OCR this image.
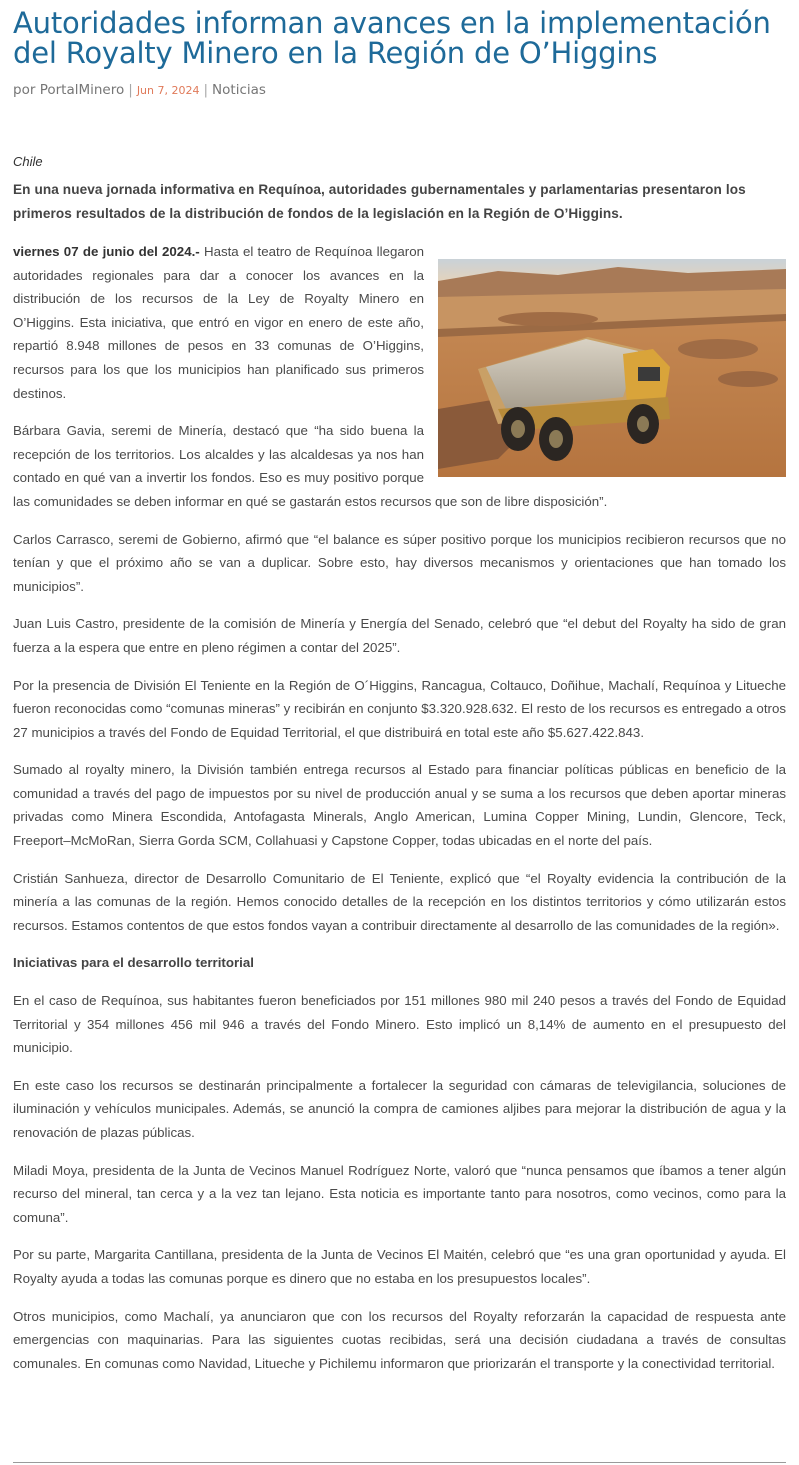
Autoridades informan avances en la implementación del Royalty Minero en la Región de O’Higgins
por PortalMinero | Jun 7, 2024 | Noticias
Chile
En una nueva jornada informativa en Requínoa, autoridades gubernamentales y parlamentarias presentaron los primeros resultados de la distribución de fondos de la legislación en la Región de O’Higgins.

viernes 07 de junio del 2024.- Hasta el teatro de Requínoa llegaron autoridades regionales para dar a conocer los avances en la distribución de los recursos de la Ley de Royalty Minero en O’Higgins. Esta iniciativa, que entró en vigor en enero de este año, repartió 8.948 millones de pesos en 33 comunas de O’Higgins, recursos para los que los municipios han planificado sus primeros destinos.

Bárbara Gavia, seremi de Minería, destacó que “ha sido buena la recepción de los territorios. Los alcaldes y las alcaldesas ya nos han contado en qué van a invertir los fondos. Eso es muy positivo porque las comunidades se deben informar en qué se gastarán estos recursos que son de libre disposición”.

Carlos Carrasco, seremi de Gobierno, afirmó que “el balance es súper positivo porque los municipios recibieron recursos que no tenían y que el próximo año se van a duplicar. Sobre esto, hay diversos mecanismos y orientaciones que han tomado los municipios”.

Juan Luis Castro, presidente de la comisión de Minería y Energía del Senado, celebró que “el debut del Royalty ha sido de gran fuerza a la espera que entre en pleno régimen a contar del 2025”.

Por la presencia de División El Teniente en la Región de O´Higgins, Rancagua, Coltauco, Doñihue, Machalí, Requínoa y Litueche fueron reconocidas como “comunas mineras” y recibirán en conjunto $3.320.928.632. El resto de los recursos es entregado a otros 27 municipios a través del Fondo de Equidad Territorial, el que distribuirá en total este año $5.627.422.843.

Sumado al royalty minero, la División también entrega recursos al Estado para financiar políticas públicas en beneficio de la comunidad a través del pago de impuestos por su nivel de producción anual y se suma a los recursos que deben aportar mineras privadas como Minera Escondida, Antofagasta Minerals, Anglo American, Lumina Copper Mining, Lundin, Glencore, Teck, Freeport–McMoRan, Sierra Gorda SCM, Collahuasi y Capstone Copper, todas ubicadas en el norte del país.

Cristián Sanhueza, director de Desarrollo Comunitario de El Teniente, explicó que “el Royalty evidencia la contribución de la minería a las comunas de la región. Hemos conocido detalles de la recepción en los distintos territorios y cómo utilizarán estos recursos. Estamos contentos de que estos fondos vayan a contribuir directamente al desarrollo de las comunidades de la región».

Iniciativas para el desarrollo territorial

En el caso de Requínoa, sus habitantes fueron beneficiados por 151 millones 980 mil 240 pesos a través del Fondo de Equidad Territorial y 354 millones 456 mil 946 a través del Fondo Minero. Esto implicó un 8,14% de aumento en el presupuesto del municipio.

En este caso los recursos se destinarán principalmente a fortalecer la seguridad con cámaras de televigilancia, soluciones de iluminación y vehículos municipales. Además, se anunció la compra de camiones aljibes para mejorar la distribución de agua y la renovación de plazas públicas.

Miladi Moya, presidenta de la Junta de Vecinos Manuel Rodríguez Norte, valoró que “nunca pensamos que íbamos a tener algún recurso del mineral, tan cerca y a la vez tan lejano. Esta noticia es importante tanto para nosotros, como vecinos, como para la comuna”.

Por su parte, Margarita Cantillana, presidenta de la Junta de Vecinos El Maitén, celebró que “es una gran oportunidad y ayuda. El Royalty ayuda a todas las comunas porque es dinero que no estaba en los presupuestos locales”.

Otros municipios, como Machalí, ya anunciaron que con los recursos del Royalty reforzarán la capacidad de respuesta ante emergencias con maquinarias. Para las siguientes cuotas recibidas, será una decisión ciudadana a través de consultas comunales. En comunas como Navidad, Litueche y Pichilemu informaron que priorizarán el transporte y la conectividad territorial.
